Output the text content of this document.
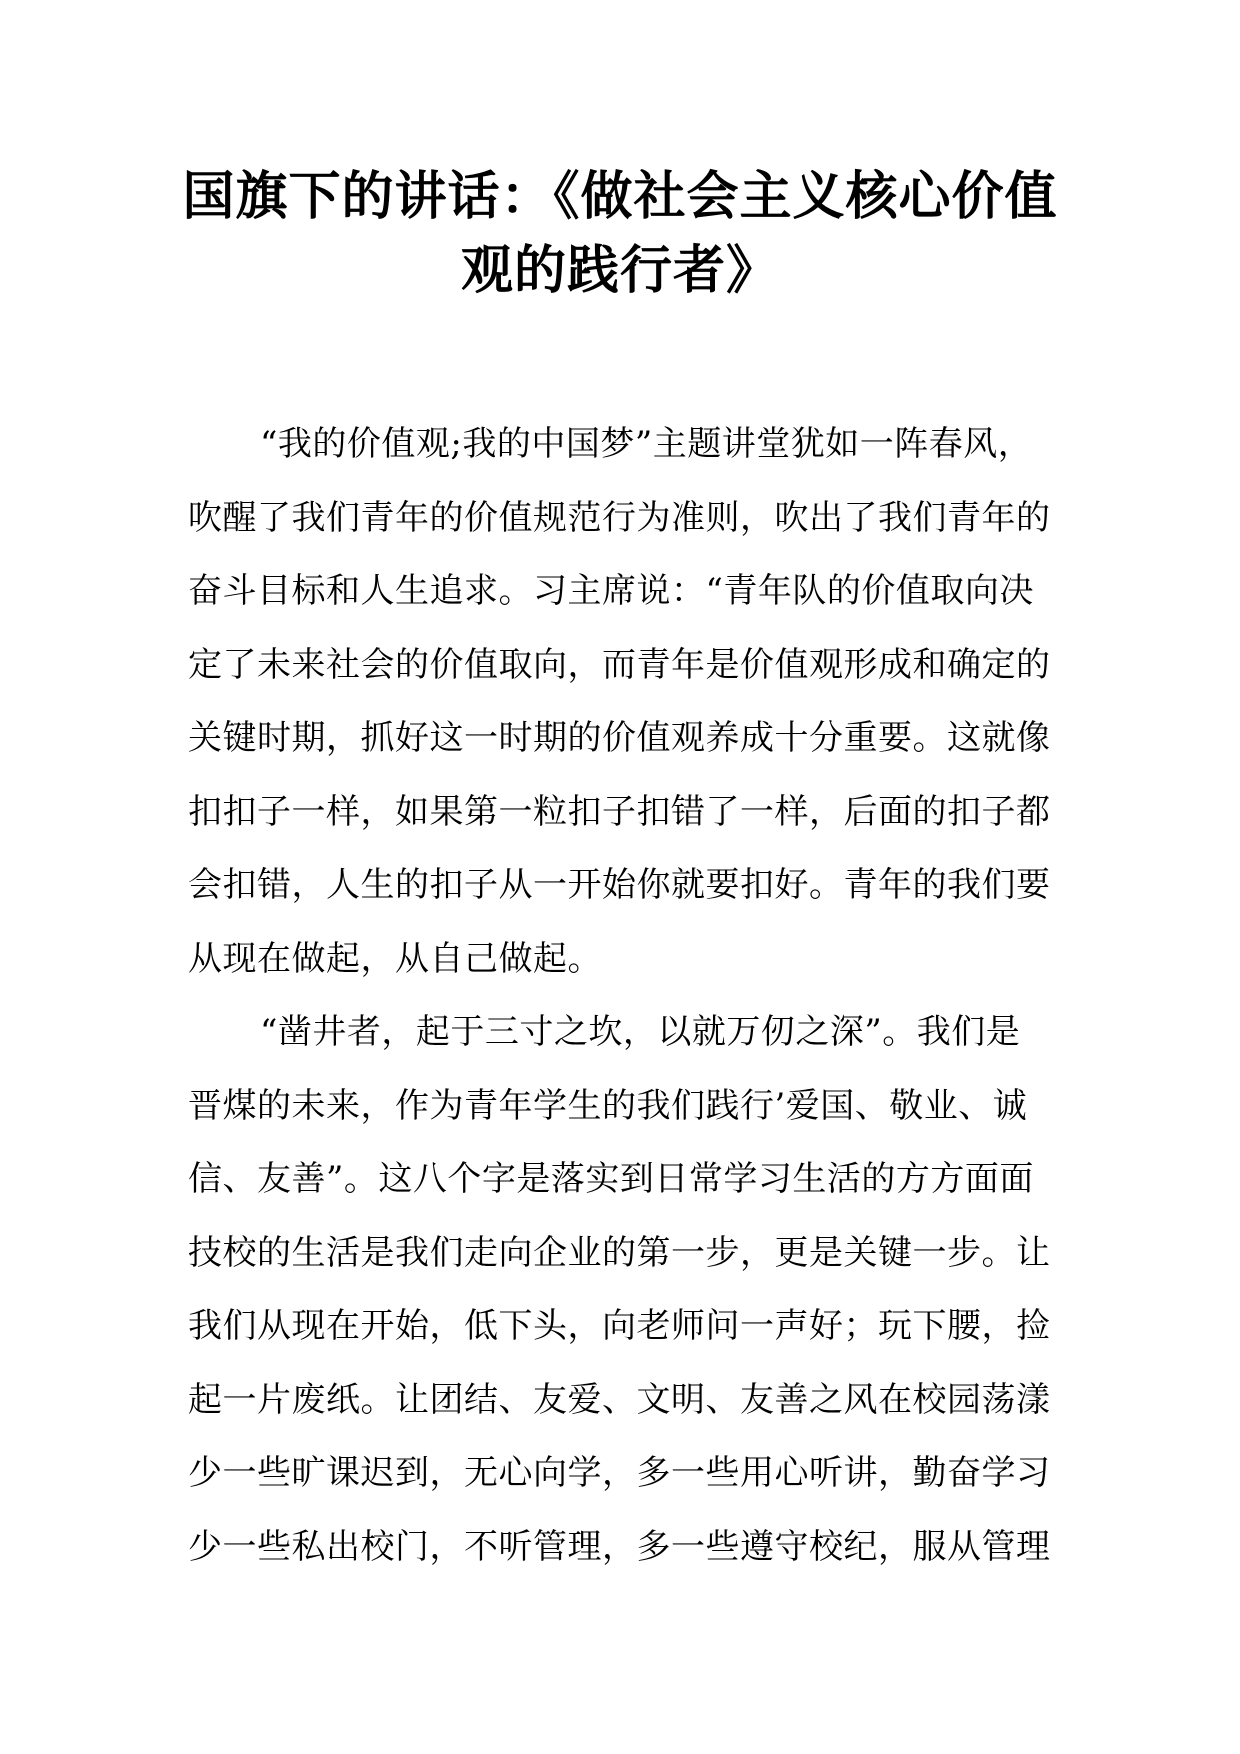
国旗下的讲话：《做社会主义核心价值
观的践行者》
“我的价值观;我的中国梦”主题讲堂犹如一阵春风，
吹醒了我们青年的价值规范行为准则，吹出了我们青年的
奋斗目标和人生追求。习主席说：“青年队的价值取向决
定了未来社会的价值取向，而青年是价值观形成和确定的
关键时期，抓好这一时期的价值观养成十分重要。这就像
扣扣子一样，如果第一粒扣子扣错了一样，后面的扣子都
会扣错，人生的扣子从一开始你就要扣好。青年的我们要
从现在做起，从自己做起。
“凿井者，起于三寸之坎，以就万仞之深”。我们是
晋煤的未来，作为青年学生的我们践行’爱国、敬业、诚
信、友善”。这八个字是落实到日常学习生活的方方面面
技校的生活是我们走向企业的第一步，更是关键一步。让
我们从现在开始，低下头，向老师问一声好；玩下腰，捡
起一片废纸。让团结、友爱、文明、友善之风在校园荡漾
少一些旷课迟到，无心向学，多一些用心听讲，勤奋学习
少一些私出校门，不听管理，多一些遵守校纪，服从管理
